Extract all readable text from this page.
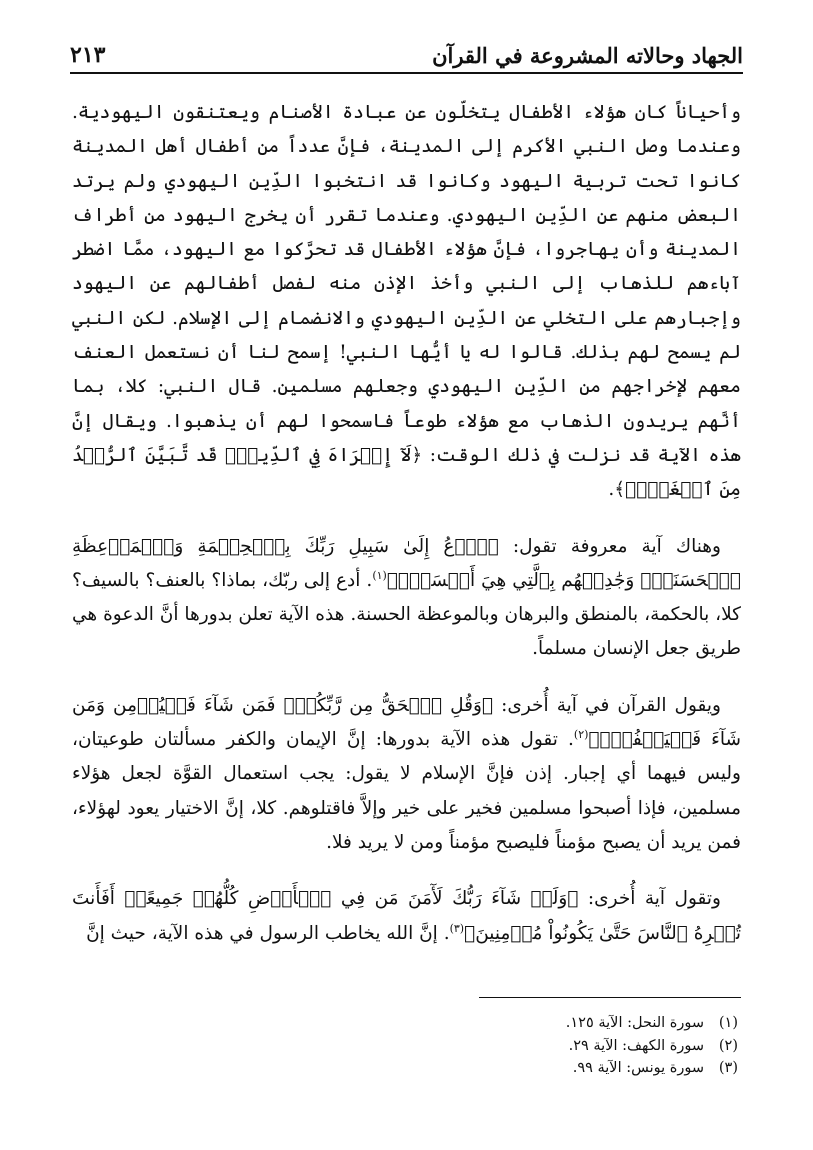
الجهاد وحالاته المشروعة في القرآن
٢١٣

وأحياناً كان هؤلاء الأطفال يتخلّون عن عبادة الأصنام ويعتنقون اليهودية. وعندما وصل النبي الأكرم إلى المدينة، فإنَّ عدداً من أطفال أهل المدينة كانوا تحت تربية اليهود وكانوا قد انتخبوا الدِّين اليهودي ولم يرتد البعض منهم عن الدِّين اليهودي. وعندما تقرر أن يخرج اليهود من أطراف المدينة وأن يهاجروا، فإنَّ هؤلاء الأطفال قد تحرَّكوا مع اليهود، ممَّا اضطر آباءهم للذهاب إلى النبي وأخذ الإذن منه لفصل أطفالهم عن اليهود وإجبارهم على التخلي عن الدِّين اليهودي والانضمام إلى الإسلام. لكن النبي لم يسمح لهم بذلك. قالوا له يا أيُّها النبي! إسمح لنا أن نستعمل العنف معهم لإخراجهم من الدِّين اليهودي وجعلهم مسلمين. قال النبي: كلا، بما أنَّهم يريدون الذهاب مع هؤلاء طوعاً فاسمحوا لهم أن يذهبوا. ويقال إنَّ هذه الآية قد نزلت في ذلك الوقت: ﴿لَآ إِكۡرَاهَ فِي ٱلدِّينِۖ قَد تَّبَيَّنَ ٱلرُّشۡدُ مِنَ ٱلۡغَيِّۚ﴾.

وهناك آية معروفة تقول: ﴿ٱدۡعُ إِلَىٰ سَبِيلِ رَبِّكَ بِٱلۡحِكۡمَةِ وَٱلۡمَوۡعِظَةِ ٱلۡحَسَنَةِۖ وَجَٰدِلۡهُم بِٱلَّتِي هِيَ أَحۡسَنُۚ﴾$^{(١)}$. أدع إلى ربّك، بماذا؟ بالعنف؟ بالسيف؟ كلا، بالحكمة، بالمنطق والبرهان وبالموعظة الحسنة. هذه الآية تعلن بدورها أنَّ الدعوة هي طريق جعل الإنسان مسلماً.

ويقول القرآن في آية أُخرى: ﴿وَقُلِ ٱلۡحَقُّ مِن رَّبِّكُمۡۖ فَمَن شَآءَ فَلۡيُؤۡمِن وَمَن شَآءَ فَلۡيَكۡفُرۡۚ﴾$^{(٢)}$. تقول هذه الآية بدورها: إنَّ الإيمان والكفر مسألتان طوعيتان، وليس فيهما أي إجبار. إذن فإنَّ الإسلام لا يقول: يجب استعمال القوَّة لجعل هؤلاء مسلمين، فإذا أصبحوا مسلمين فخير على خير وإلاَّ فاقتلوهم. كلا، إنَّ الاختيار يعود لهؤلاء، فمن يريد أن يصبح مؤمناً فليصبح مؤمناً ومن لا يريد فلا.

وتقول آية أُخرى: ﴿وَلَوۡ شَآءَ رَبُّكَ لَأٓمَنَ مَن فِي ٱلۡأَرۡضِ كُلُّهُمۡ جَمِيعًاۚ أَفَأَنتَ تُكۡرِهُ ٱلنَّاسَ حَتَّىٰ يَكُونُواْ مُؤۡمِنِينَ﴾$^{(٣)}$. إنَّ الله يخاطب الرسول في هذه الآية، حيث إنَّ

(١)سورة النحل: الآية ١٢٥.
(٢)سورة الكهف: الآية ٢٩.
(٣)سورة يونس: الآية ٩٩.
